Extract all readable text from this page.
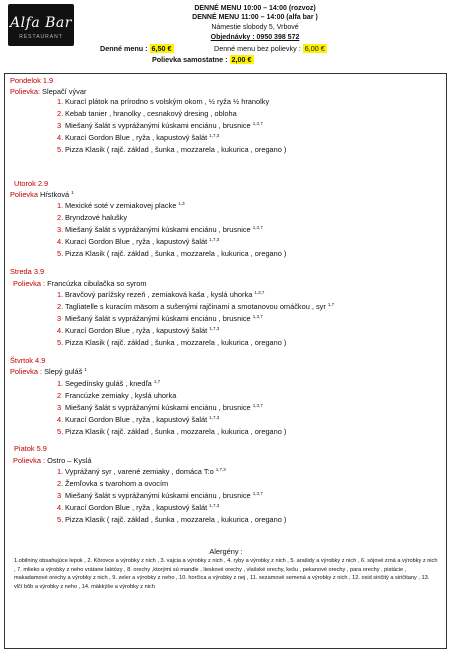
Alfa Bar
RESTAURANT
DENNÉ MENU 10:00 – 14:00 (rozvoz)
DENNÉ MENU 11:00 – 14:00 (alfa bar )
Námestie slobody 5, Vrbové
Objednávky : 0950 398 572
Denné menu : 6,50 €	Denné menu bez polievky : 6,00 €
Polievka samostatne : 2,00 €
Pondelok 1.9
Polievka: Slepačí vývar
1. Kurací plátok na prírodno s volským okom , ½ ryža ½ hranolky
2. Kebab tanier , hranolky , cesnakový dresing , obloha
3 Miešaný šalát s vyprážanými kúskami enciánu , brusnice $^{1,3,7}$
4. Kurací Gordon Blue , ryža , kapustový šalát $^{1,7,3}$
5. Pizza Klasik ( rajč. základ , šunka , mozzarela , kukurica , oregano )
Utorok 2.9
Polievka Hŕstková $^1$
1. Mexické soté v zemiakovej placke $^{1,3}$
2. Bryndzové halušky
3. Miešaný šalát s vyprážanými kúskami enciánu , brusnice $^{1,3,7}$
4. Kurací Gordon Blue , ryža , kapustový šalát $^{1,7,3}$
5. Pizza Klasik ( rajč. základ , šunka , mozzarela , kukurica , oregano )
Streda 3.9
Polievka : Francúzka cibulačka so syrom
1. Bravčový parížsky rezeň , zemiaková kaša , kyslá uhorka $^{1,3,7}$
2. Tagliatelle s kuracím mäsom a sušenými rajčinami a smotanovou omáčkou , syr $^{1,7}$
3 Miešaný šalát s vyprážanými kúskami enciánu , brusnice $^{1,3,7}$
4. Kurací Gordon Blue , ryža , kapustový šalát $^{1,7,3}$
5. Pizza Klasik ( rajč. základ , šunka , mozzarela , kukurica , oregano )
Štvrtok 4.9
Polievka : Slepý guláš $^1$
1. Segedínsky guláš , knedľa $^{1,7}$
2 Francúzke zemiaky , kyslá uhorka
3 Miešaný šalát s vyprážanými kúskami enciánu , brusnice $^{1,3,7}$
4. Kurací Gordon Blue , ryža , kapustový šalát $^{1,7,3}$
5. Pizza Klasik ( rajč. základ , šunka , mozzarela , kukurica , oregano )
Piatok 5.9
Polievka : Ostro – Kyslá
1. Vyprážaný syr , varené zemiaky , domáca T:o $^{1,7,3}$
2. Žemľovka s tvarohom a ovocím
3 Miešaný šalát s vyprážanými kúskami enciánu , brusnice $^{1,3,7}$
4. Kurací Gordon Blue , ryža , kapustový šalát $^{1,7,3}$
5. Pizza Klasik ( rajč. základ , šunka , mozzarela , kukurica , oregano )
Alergény :
1.obilniny obsahujúce lepok , 2. Kôrovce a výrobky z nich , 3. vajcia a výrobky z nich , 4. ryby a výrobky z nich , 5. arašidy a výrobky z nich , 6. sójové zrná a výrobky z nich , 7. mlieko a výrobky z neho vrátane laktózy , 8. orechy ,ktorými sú mandle , lieskové orechy , vlašské orechy, kešu , pekanové orechy , para orechy , pistácie , makadamové orechy a výrobky z nich , 9. zeler a výrobky z neho , 10. horčica a výrobky z nej , 11. sezamové semená a výrobky z nich , 12. oxid siričitý a siričitany , 13. vlčí bôb a výrobky z neho , 14. mäkkýše a výrobky z nich
